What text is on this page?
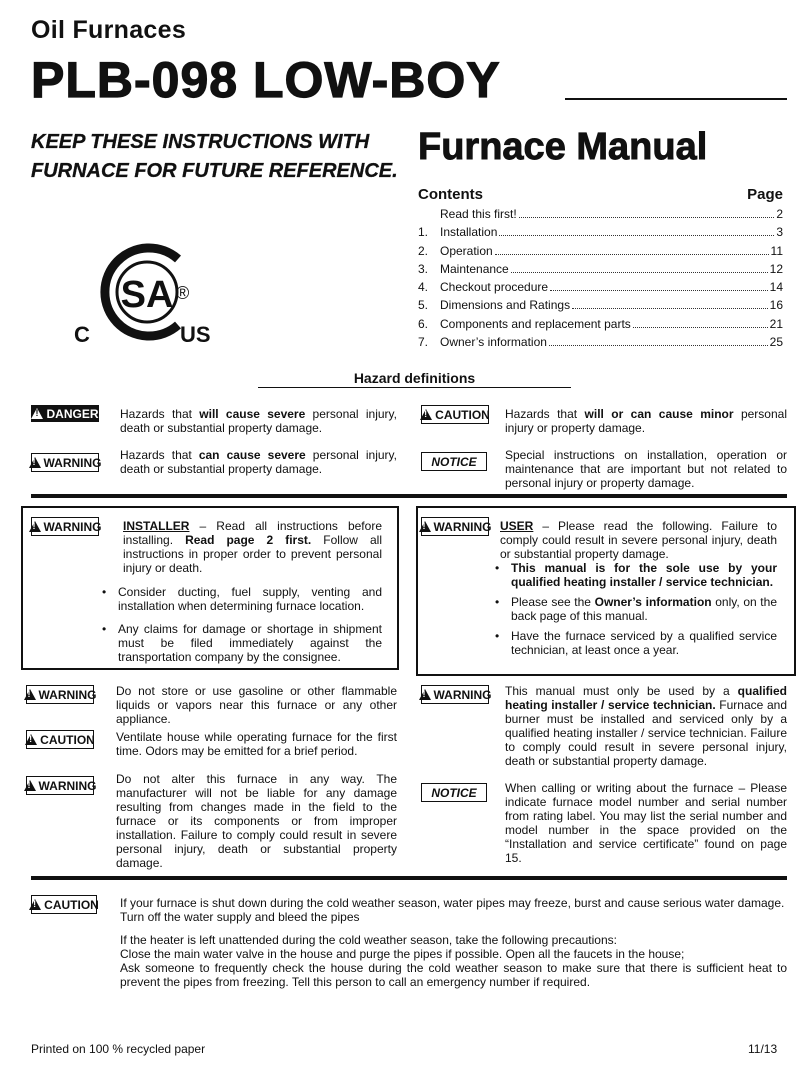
Oil Furnaces
PLB-098 LOW-BOY
KEEP THESE INSTRUCTIONS WITH FURNACE FOR FUTURE REFERENCE.
Furnace Manual
SA ®
C	US
Contents	Page
Read this first!	2
1. Installation	3
2. Operation	11
3. Maintenance	12
4. Checkout procedure	14
5. Dimensions and Ratings	16
6. Components and replacement parts	21
7. Owner’s information	25
Hazard definitions
!
DANGER Hazards that will cause severe personal injury, death or substantial property damage.
!
WARNING
Hazards that can cause severe personal injury, death or substantial property damage.
!
CAUTION Hazards that will or can cause minor personal injury or property damage.
NOTICE	Special instructions on installation, operation or maintenance that are important but not related to personal injury or property damage.
!
WARNING INSTALLER – Read all instructions before installing. Read page 2 first. Follow all instructions in proper order to prevent personal injury or death.
• Consider ducting, fuel supply, venting and installation when determining furnace location.
• Any claims for damage or shortage in shipment must be filed immediately against the transportation company by the consignee.
!
WARNING USER – Please read the following. Failure to comply could result in severe personal injury, death or substantial property damage.
• This manual is for the sole use by your qualified heating installer / service technician.
• Please see the Owner’s information only, on the back page of this manual.
• Have the furnace serviced by a qualified service technician, at least once a year.
!
WARNING Do not store or use gasoline or other flammable liquids or vapors near this furnace or any other appliance.
!
CAUTION Ventilate house while operating furnace for the first time. Odors may be emitted for a brief period.
!
WARNING Do not alter this furnace in any way. The manufacturer will not be liable for any damage resulting from changes made in the field to the furnace or its components or from improper installation. Failure to comply could result in severe personal injury, death or substantial property damage.
!
WARNING This manual must only be used by a qualified heating installer / service technician. Furnace and burner must be installed and serviced only by a qualified heating installer / service technician. Failure to comply could result in severe personal injury, death or substantial property damage.
NOTICE	When calling or writing about the furnace – Please indicate furnace model number and serial number from rating label. You may list the serial number and model number in the space provided on the “Installation and service certificate” found on page 15.
!
CAUTION If your furnace is shut down during the cold weather season, water pipes may freeze, burst and cause serious water damage. Turn off the water supply and bleed the pipes
If the heater is left unattended during the cold weather season, take the following precautions:
Close the main water valve in the house and purge the pipes if possible. Open all the faucets in the house;
Ask someone to frequently check the house during the cold weather season to make sure that there is sufficient heat to prevent the pipes from freezing. Tell this person to call an emergency number if required.
Printed on 100 % recycled paper	11/13
